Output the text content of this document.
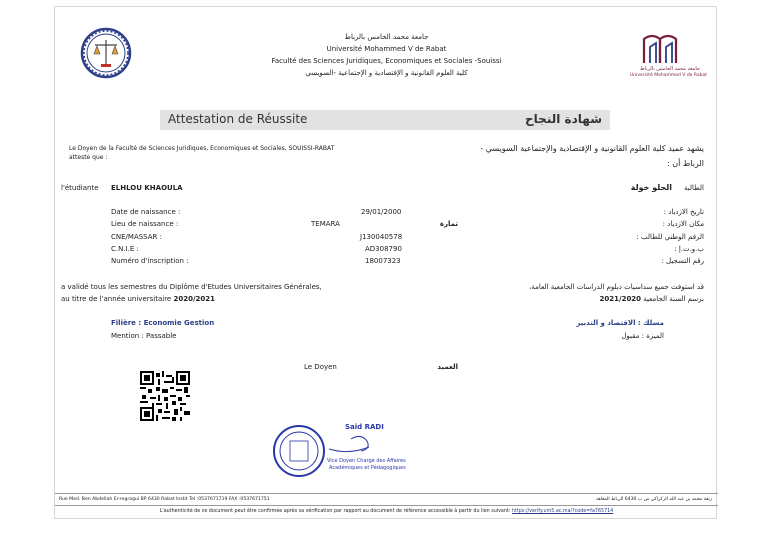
جامعة محمد الخامس بالرباط
Université Mohammed V de Rabat
Faculté des Sciences Juridiques, Economiques et Sociales -Souissi
كلية العلوم القانونية و الإقتصادية و الإجتماعية -السويسي	جامعة محمد الخامس بالرباط
Université Mohammed V de Rabat
Attestation de Réussite	شهادة النجاح
Le Doyen de la Faculté de Sciences Juridiques, Economiques et Sociales, SOUISSI-RABAT
atteste que :
يشهد عميد كلية العلوم القانونية و الإقتصادية والإجتماعية السويسي -
الرباط أن :
l'étudiante ELHLOU KHAOULA	الحلو خولة الطالبة
Date de naissance :	29/01/2000	تاريخ الازدياد :
Lieu de naissance :	TEMARA	تمارة	مكان الازدياد :
CNE/MASSAR :	J130040578	الرقم الوطني للطالب :
C.N.I.E :	AD308790	ب.و.ت.إ :
Numéro d'inscription :	18007323	رقم التسجيل :
a validé tous les semestres du Diplôme d'Etudes Universitaires Générales,
au titre de l'année universitaire 2020/2021
قد استوفت جميع سداسيات دبلوم الدراسات الجامعية العامة،
برسم السنة الجامعية 2021/2020
Filière : Economie Gestion
Mention : Passable
مسلك : الاقتصاد و التدبير
الميزة : مقبول
Le Doyen	العميد
Said RADI
Vice Doyen Chargé des Affaires
Académiques et Pédagogiques
Rue Med. Ben Abdellah Er-regragui BP 6430 Rabat Instit Tel :0537671719 FAX :0537671751	زنقة محمد بن عبد الله الركراكي ص ب 6430 الرباط المعاهد
L'authenticité de ce document peut être confirmée après sa vérification par rapport au document de référence accessible à partir du lien suivant: https://verify.um5.ac.ma/?code=fa765714
